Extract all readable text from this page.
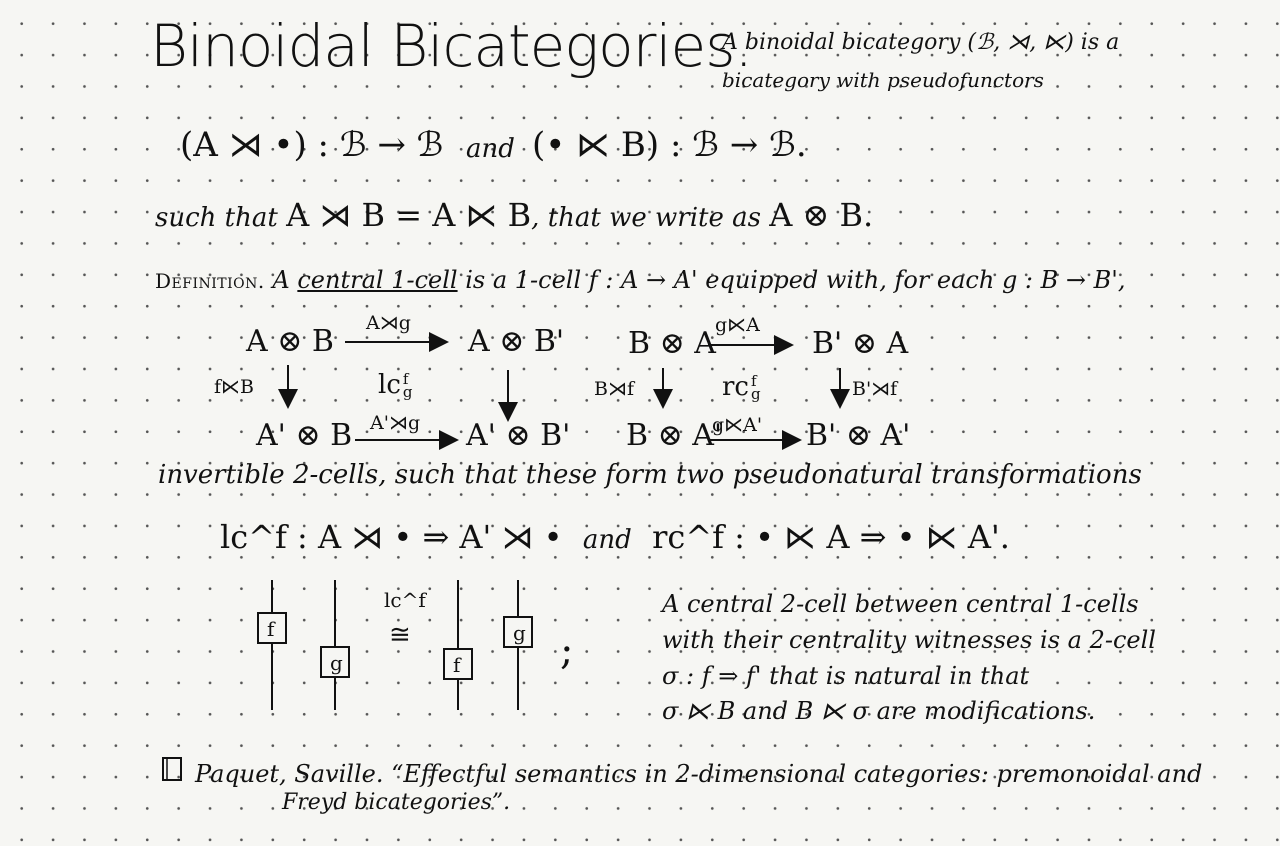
Binoidal Bicategories.
A binoidal bicategory (ℬ, ⋊, ⋉) is a
bicategory with pseudofunctors
(A ⋊ •) : ℬ → ℬ and (• ⋉ B) : ℬ → ℬ.
such that A ⋊ B = A ⋉ B, that we write as A ⊗ B.
Definition. A central 1-cell is a 1-cell f : A → A' equipped with, for each g : B → B',
A ⊗ B	A ⊗ B'
A' ⊗ B	A' ⊗ B'
A⋊g
A'⋊g
f⋉B	lc f
g
B ⊗ A	B' ⊗ A
B ⊗ A'	B' ⊗ A'
g⋉A
g⋉A'
B⋊f	B'⋊f
rc f
g
invertible 2-cells, such that these form two pseudonatural transformations
lc^f : A ⋊ • ⇒ A' ⋊ • and rc^f : • ⋉ A ⇒ • ⋉ A'.
f
g	f
g
lc^f
≅	;
A central 2-cell between central 1-cells
with their centrality witnesses is a 2-cell
σ : f ⇒ f' that is natural in that
σ ⋉ B and B ⋉ σ are modifications.
Paquet, Saville. “Effectful semantics in 2-dimensional categories: premonoidal and
Freyd bicategories”.
